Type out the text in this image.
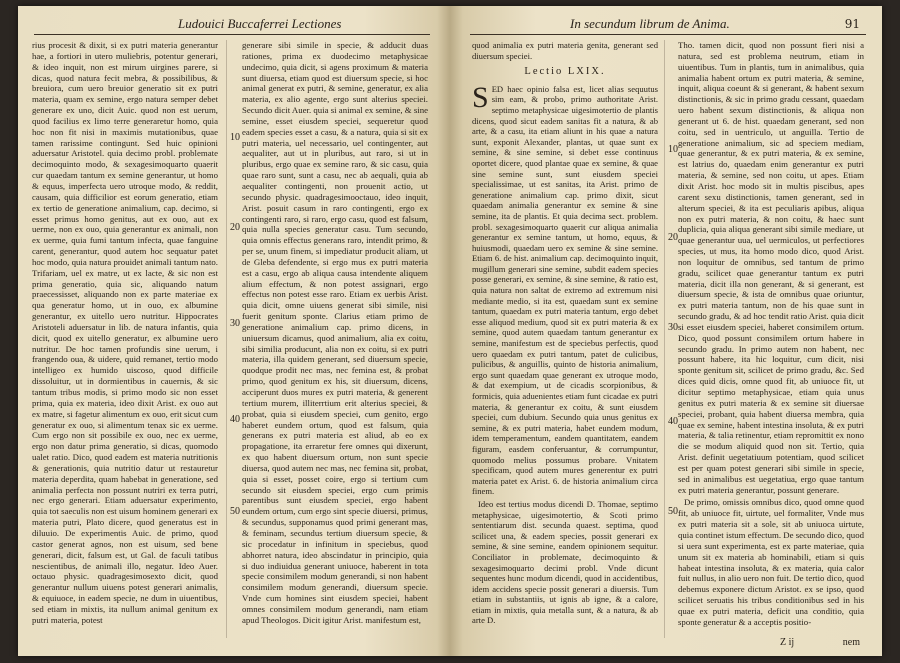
Ludouici Buccaferrei Lectiones

rius procesit & dixit, si ex putri materia generantur hae, a fortiori in utero muliebris, potentur generari, & ideo inquit, non est mirum uirgines parere, si dicas, quod natura fecit mebra, & possibilibus, & breuiora, cum uero breuior generatio sit ex putri materia, quam ex semine, ergo natura semper debet generare ex uno, dicit Auic. quod non est uerum, quod facilius ex limo terre generaretur homo, quia hoc non fit nisi in maximis mutationibus, quae tamen rarissime contingunt. Sed huic opinioni aduersatur Aristotel. quia decimo probl. problemate decimoquinto modo, & sexagesimoquarto quaerit cur quaedam tantum ex semine generantur, ut homo & equus, imperfecta uero utroque modo, & reddit, causam, quia difficilior est eorum generatio, etiam ex tertio de generatione animalium, cap. decimo, si esset primus homo genitus, aut ex ouo, aut ex uerme, non ex ouo, quia generantur ex animali, non ex uerme, quia fumi tantum infecta, quae fanguine carent, generantur, quod autem hoc sequatur patet hoc modo, quia natura prouidet animali tantum nato. Trifariam, uel ex matre, ut ex lacte, & sic non est prima generatio, quia sic, aliquando natum praecessisset, aliquando non ex parte materiae ex qua generatur homo, ut in ouo, ex albumine generantur, ex uitello uero nutritur. Hippocrates Aristoteli aduersatur in lib. de natura infantis, quia dicit, quod ex uitello generatur, ex albumine uero nutritur. De hoc tamen profundis sine uerum, i frangendo oua, & uidere, quid remanet, tertio modo intelligeo ex humido uiscoso, quod difficile dissoluitur, ut in dormientibus in cauernis, & sic tantum tribus modis, si primo modo sic non esset prima, quia ex materia, ideo dixit Arist. ex ouo aut ex matre, si fagetur alimentum ex ouo, erit sicut cum generatur ex ouo, si alimentum tenax sic ex uerme. Cum ergo non sit possibile ex ouo, nec ex uerme, ergo non datur prima generatio, si dicas, quomodo ualet ratio. Dico, quod eadem est materia nutritionis & generationis, quia nutritio datur ut restauretur materia deperdita, quam habebat in generatione, sed animalia perfecta non possunt nutriri ex terra putri, nec ergo generari. Etiam aduersatur experimento, quia tot saeculis non est uisum hominem generari ex materia putri, Plato dicere, quod generatus est in diluuio. De experimentis Auic. de primo, quod castor generat agnos, non est uisum, sed bene generari, dicit, falsum est, ut Gal. de faculi tatibus nescientibus, de animali illo, negatur. Ideo Auer. octauo physic. quadragesimosexto dicit, quod generantur nullum uiuens potest generari animalis, & equiuoce, in eadem specie, ne dum in uiuentibus, sed etiam in mixtis, ita nullum animal genitum ex putri materia, potest

generare sibi simile in specie, & adducit duas rationes, prima ex duodecimo metaphysicae undecimo, quia dicit, si agens proximum & materia sunt diuersa, etiam quod est diuersum specie, si hoc animal generat ex putri, & semine, generatur, ex alia materia, ex alio agente, ergo sunt alterius speciei. Secundo dicit Auer. quia si animal ex semine, & sine semine, esset eiusdem speciei, sequeretur quod eadem species esset a casu, & a natura, quia si sit ex putri materia, uel necessario, uel contingenter, aut aequaliter, aut ut in pluribus, aut raro, si ut in pluribus, ergo quae ex semine raro, & sic casu, quia quae raro sunt, sunt a casu, nec ab aequali, quia ab aequaliter contingenti, non prouenit actio, ut secundo physic. quadragesimooctauo, ideo inquit, Arist. posuit casum in raro contingenti, ergo ex contingenti raro, si raro, ergo casu, quod est falsum, quia nulla species generatur casu. Tum secundo, quia omnis effectus generans raro, intendit primo, & per se, unum finem, si impediatur producit aliam, ut de Gleba defendente, si ergo mus ex putri materia est a casu, ergo ab aliqua causa intendente aliquem alium effectum, & non potest assignari, ergo effectus non potest esse raro. Etiam ex uerbis Arist. quia dicit, omne uiuens generat sibi simile, nisi fuerit genitum sponte. Clarius etiam primo de generatione animalium cap. primo dicens, in uniuersum dicamus, quod animalium, alia ex coitu, sibi similia producunt, alia non ex coitu, si ex putri materia, illa quidem generant, sed diuersum specie, quodque prodit nec mas, nec femina est, & probat primo, quod genitum ex his, sit diuersum, dicens, acciperunt duos mures ex putri materia, & generent tertium murem, illiterrtium erit alterius speciei, & probat, quia si eiusdem speciei, cum genito, ergo haberet eundem ortum, quod est falsum, quia generans ex putri materia est aliud, ab eo ex propagatione, ita erraretur fere omnes qui dixerunt, ex quo habent diuersum ortum, non sunt specie diuersa, quod autem nec mas, nec femina sit, probat, quia si esset, posset coire, ergo si tertium cum secundo sit eiusdem speciei, ergo cum primis parentibus sunt eiusdem speciei, ergo habent eundem ortum, cum ergo sint specie diuersi, primus, & secundus, supponamus quod primi generant mas, & feminam, secundus tertium diuersum specie, & sic procedatur in infinitum in speciebus, quod abhorret natura, ideo abscindatur in principio, quia si duo indiuidua generant uniuoce, haberent in tota specie consimilem modum generandi, si non habent consimilem modum generandi, diuersum specie. Vnde cum homines sint eiusdem speciei, habent omnes consimilem modum generandi, nam etiam apud Theologos. Dicit igitur Arist. manifestum est,

10
20
30
40
50
In secundum librum de Anima.	91

quod animalia ex putri materia genita, generant sed diuersum speciei.

Lectio LXIX.

SED haec opinio falsa est, licet alias sequutus sim eam, & probo, primo authoritate Arist. septimo metaphysicae uigesimotertio de plantis dicens, quod sicut eadem sanitas fit a natura, & ab arte, & a casu, ita etiam aliunt in his quae a natura sunt, exponit Alexander, plantas, ut quae sunt ex semine, & sine semine, si debet esse continuus oportet dicere, quod plantae quae ex semine, & quae sine semine sunt, sunt eiusdem speciei specialissimae, ut est sanitas, ita Arist. primo de generatione animalium cap. primo dixit, sicut quaedam animalia generantur ex semine & sine semine, ita de plantis. Et quia decima sect. problem. probl. sexagesimoquarto quaerit cur aliqua animalia generantur ex semine tantum, ut homo, equus, & huiusmodi, quaedam uero ex semine & sine semine. Etiam 6. de hist. animalium cap. decimoquinto inquit, mugillum generari sine semine, subdit eadem species posse generari, ex semine, & sine semine, & ratio est, quia natura non saltat de extremo ad extremum nisi mediante medio, si ita est, quaedam sunt ex semine tantum, quaedam ex putri materia tantum, ergo debet esse aliquod medium, quod sit ex putri materia & ex semine, quod autem quaedam tantum generantur ex semine, manifestum est de speciebus perfectis, quod uero quaedam ex putri tantum, patet de culicibus, pulicibus, & anguillis, quinto de historia animalium, ergo sunt quaedam quae generant ex utroque modo, & dat exempium, ut de cicadis scorpionibus, & formicis, quia aduenientes etiam funt cicadae ex putri materia, & generantur ex coitu, & sunt eiusdem speciei, cum dubium. Secundo quia unus genitus ex semine, & ex putri materia, habet eundem modum, idem temperamentum, eandem quantitatem, eandem figuram, easdem conferuantur, & corrumpuntur, quomodo melius possumus probare. Vnitatem specificam, quod autem mures generentur ex putri materia patet ex Arist. 6. de historia animalium circa finem.

Ideo est tertius modus dicendi D. Thomae, septimo metaphysicae, uigesimotertio, & Scoti primo sententiarum dist. secunda quaest. septima, quod scilicet una, & eadem species, possit generari ex semine, & sine semine, eandem opinionem sequitur. Conciliator in problemate, decimoquinto & sexagesimoquarto decimi probl. Vnde dicunt sequentes hunc modum dicendi, quod in accidentibus, idem accidens specie possit generari a diuersis. Tum etiam in substantiis, ut ignis ab igne, & a calore, etiam in mixtis, quia metalla sunt, & a natura, & ab arte D.

Tho. tamen dicit, quod non possunt fieri nisi a natura, sed est problema neutrum, etiam in uiuentibus. Tum in plantis, tum in animalibus, quia animalia habent ortum ex putri materia, & semine, inquit, aliqua coeunt & si generant, & habent sexum distinctionis, & sic in primo gradu cessant, quaedam uero habent sexum distinctionis, & aliqua non generant ut 6. de hist. quaedam generant, sed non coitu, sed in uentriculo, ut anguilla. Tertio de generatione animalium, sic ad speciem mediam, quae generantur, & ex putri materia, & ex semine, est latrius do, quaedam enim generantur ex putri materia, & semine, sed non coitu, ut apes. Etiam dixit Arist. hoc modo sit in multis piscibus, apes carent sexu distinctionis, tamen generant, sed in alterum speciei, & ita est peculiaris apibus, aliqua non ex putri materia, & non coitu, & haec sunt duplicia, quia aliqua generant sibi simile mediare, ut quae generantur uua, uel uermiculos, ut perfectiores species, ut mus, ita homo modo dico, quod Arist. non loquitur de omnibus, sed tantum de primo gradu, scilicet quae generantur tantum ex putri materia, dicit illa non generant, & si generant, est diuersum specie, & ista de omnibus quae oriuntur, ex putri materia tantum, non de his quae sunt in secundo gradu, & ad hoc tendit ratio Arist. quia dicit si esset eiusdem speciei, haberet consimilem ortum. Dico, quod possunt consimilem ortum habere in secundo gradu. In primo autem non habent, nec possunt habere, ita hic loquitur, cum dicit, nisi sponte genitum sit, scilicet de primo gradu, &c. Sed dices quid dicis, omne quod fit, ab uniuoce fit, ut dicitur septimo metaphysicae, etiam quia unus genitus ex putri materia & ex semine sit diuersae speciei, probant, quia habent diuersa membra, quia quae ex semine, habent intestina insoluta, & ex putri materia, & talia retinentur, etiam repromittit ex nono die se modum aliquid quod non sit. Tertio, quia Arist. definit uegetatiuum potentiam, quod scilicet est per quam potest generari sibi simile in specie, sed in animalibus est uegetatiua, ergo quae tantum ex putri materia generantur, possunt generare.

De primo, omissis omnibus dico, quod omne quod fit, ab uniuoce fit, uirtute, uel formaliter, Vnde mus ex putri materia sit a sole, sit ab uniuoca uirtute, quia continet istum effectum. De secundo dico, quod si uera sunt experimenta, est ex parte materiae, quia unum sit ex materia ab hominabili, etiam si quis habeat intestina insoluta, & ex materia, quia calor fuit nullus, in alio uero non fuit. De tertio dico, quod debemus exponere dictum Aristot. ex se ipso, quod scilicet seruatis his tribus conditionibus sed in his quae ex putri materia, deficit una conditio, quia sponte generatur & a acceptis positio-

10
20
30
40
50
Z ij	nem
